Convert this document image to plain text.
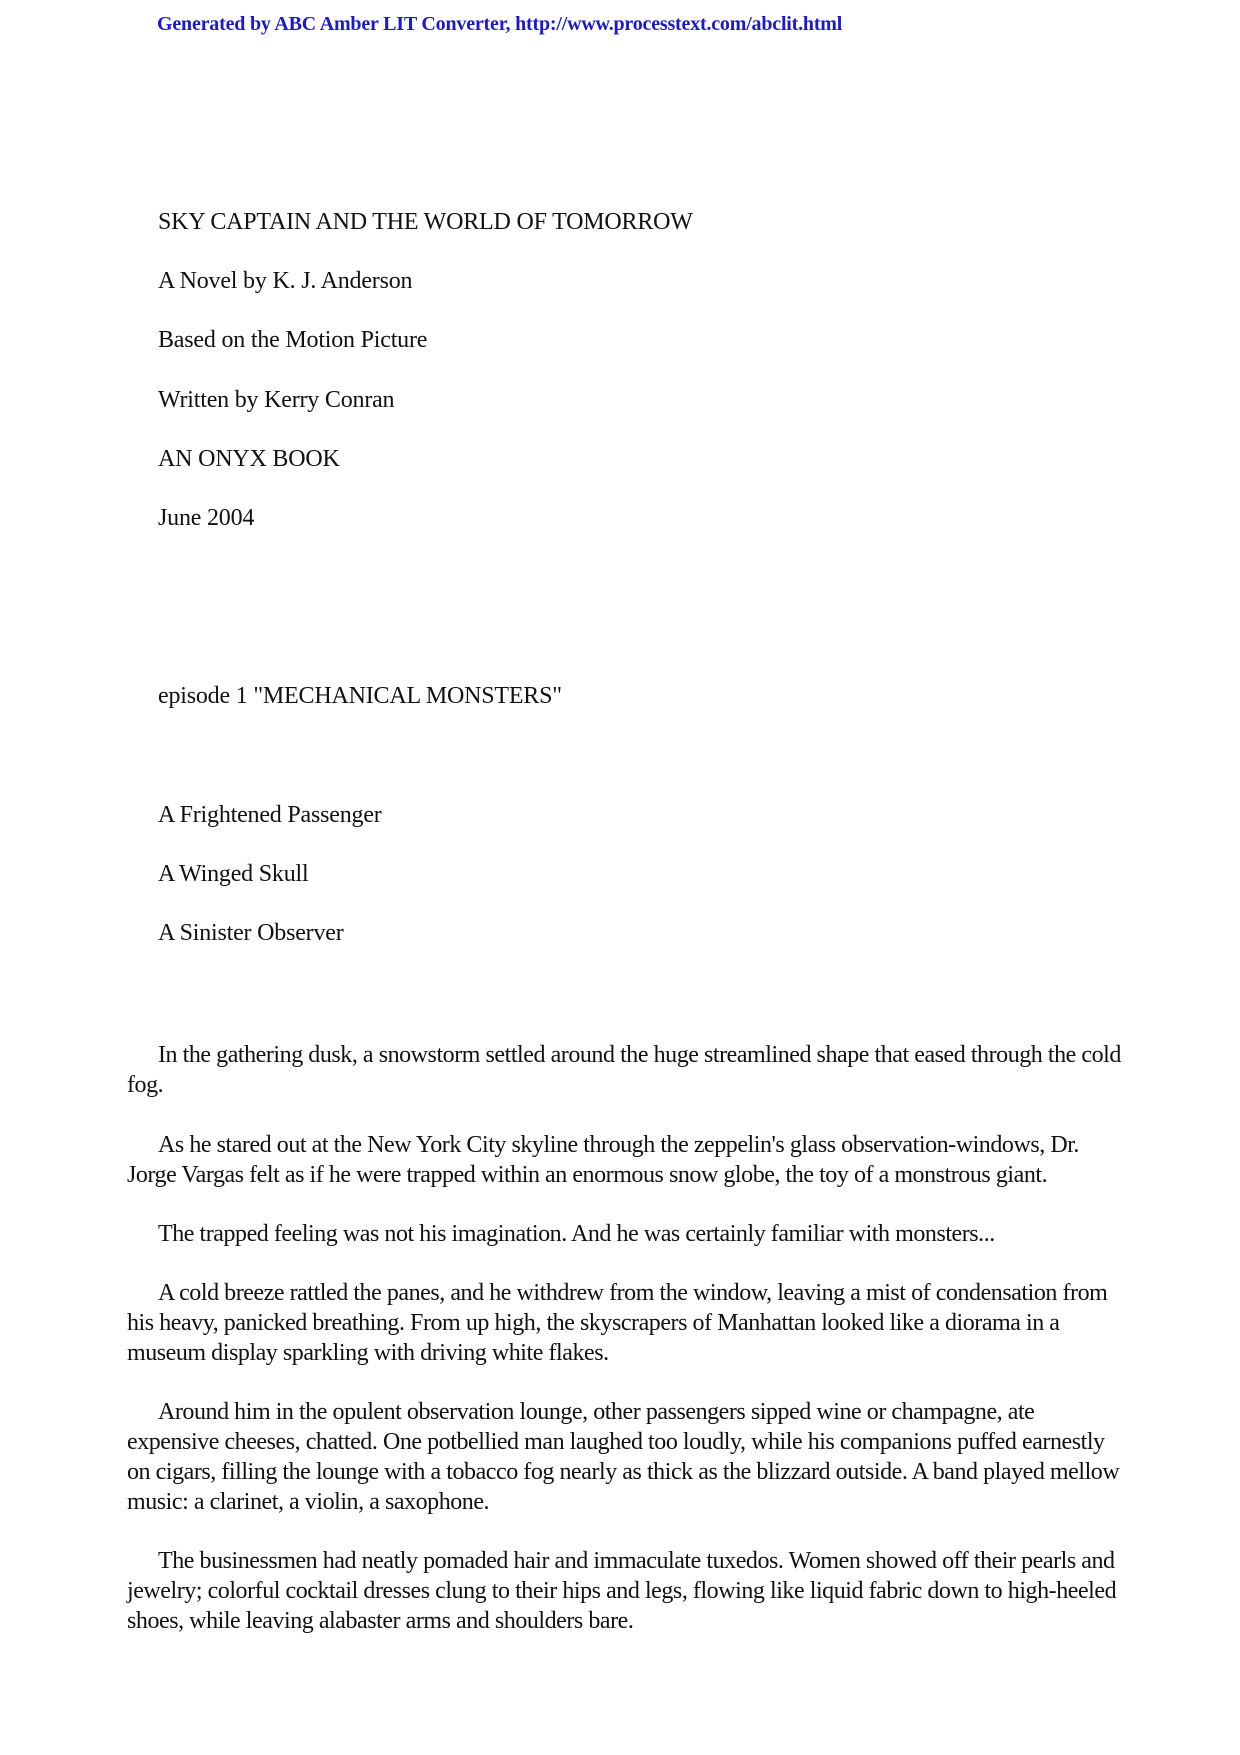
Generated by ABC Amber LIT Converter, http://www.processtext.com/abclit.html
SKY CAPTAIN AND THE WORLD OF TOMORROW
A Novel by K. J. Anderson
Based on the Motion Picture
Written by Kerry Conran
AN ONYX BOOK
June 2004
episode 1 "MECHANICAL MONSTERS"
A Frightened Passenger
A Winged Skull
A Sinister Observer

In the gathering dusk, a snowstorm settled around the huge streamlined shape that eased through the cold fog.

As he stared out at the New York City skyline through the zeppelin's glass observation-windows, Dr. Jorge Vargas felt as if he were trapped within an enormous snow globe, the toy of a monstrous giant.

The trapped feeling was not his imagination. And he was certainly familiar with monsters...

A cold breeze rattled the panes, and he withdrew from the window, leaving a mist of condensation from his heavy, panicked breathing. From up high, the skyscrapers of Manhattan looked like a diorama in a museum display sparkling with driving white flakes.

Around him in the opulent observation lounge, other passengers sipped wine or champagne, ate expensive cheeses, chatted. One potbellied man laughed too loudly, while his companions puffed earnestly on cigars, filling the lounge with a tobacco fog nearly as thick as the blizzard outside. A band played mellow music: a clarinet, a violin, a saxophone.

The businessmen had neatly pomaded hair and immaculate tuxedos. Women showed off their pearls and jewelry; colorful cocktail dresses clung to their hips and legs, flowing like liquid fabric down to high-heeled shoes, while leaving alabaster arms and shoulders bare.
